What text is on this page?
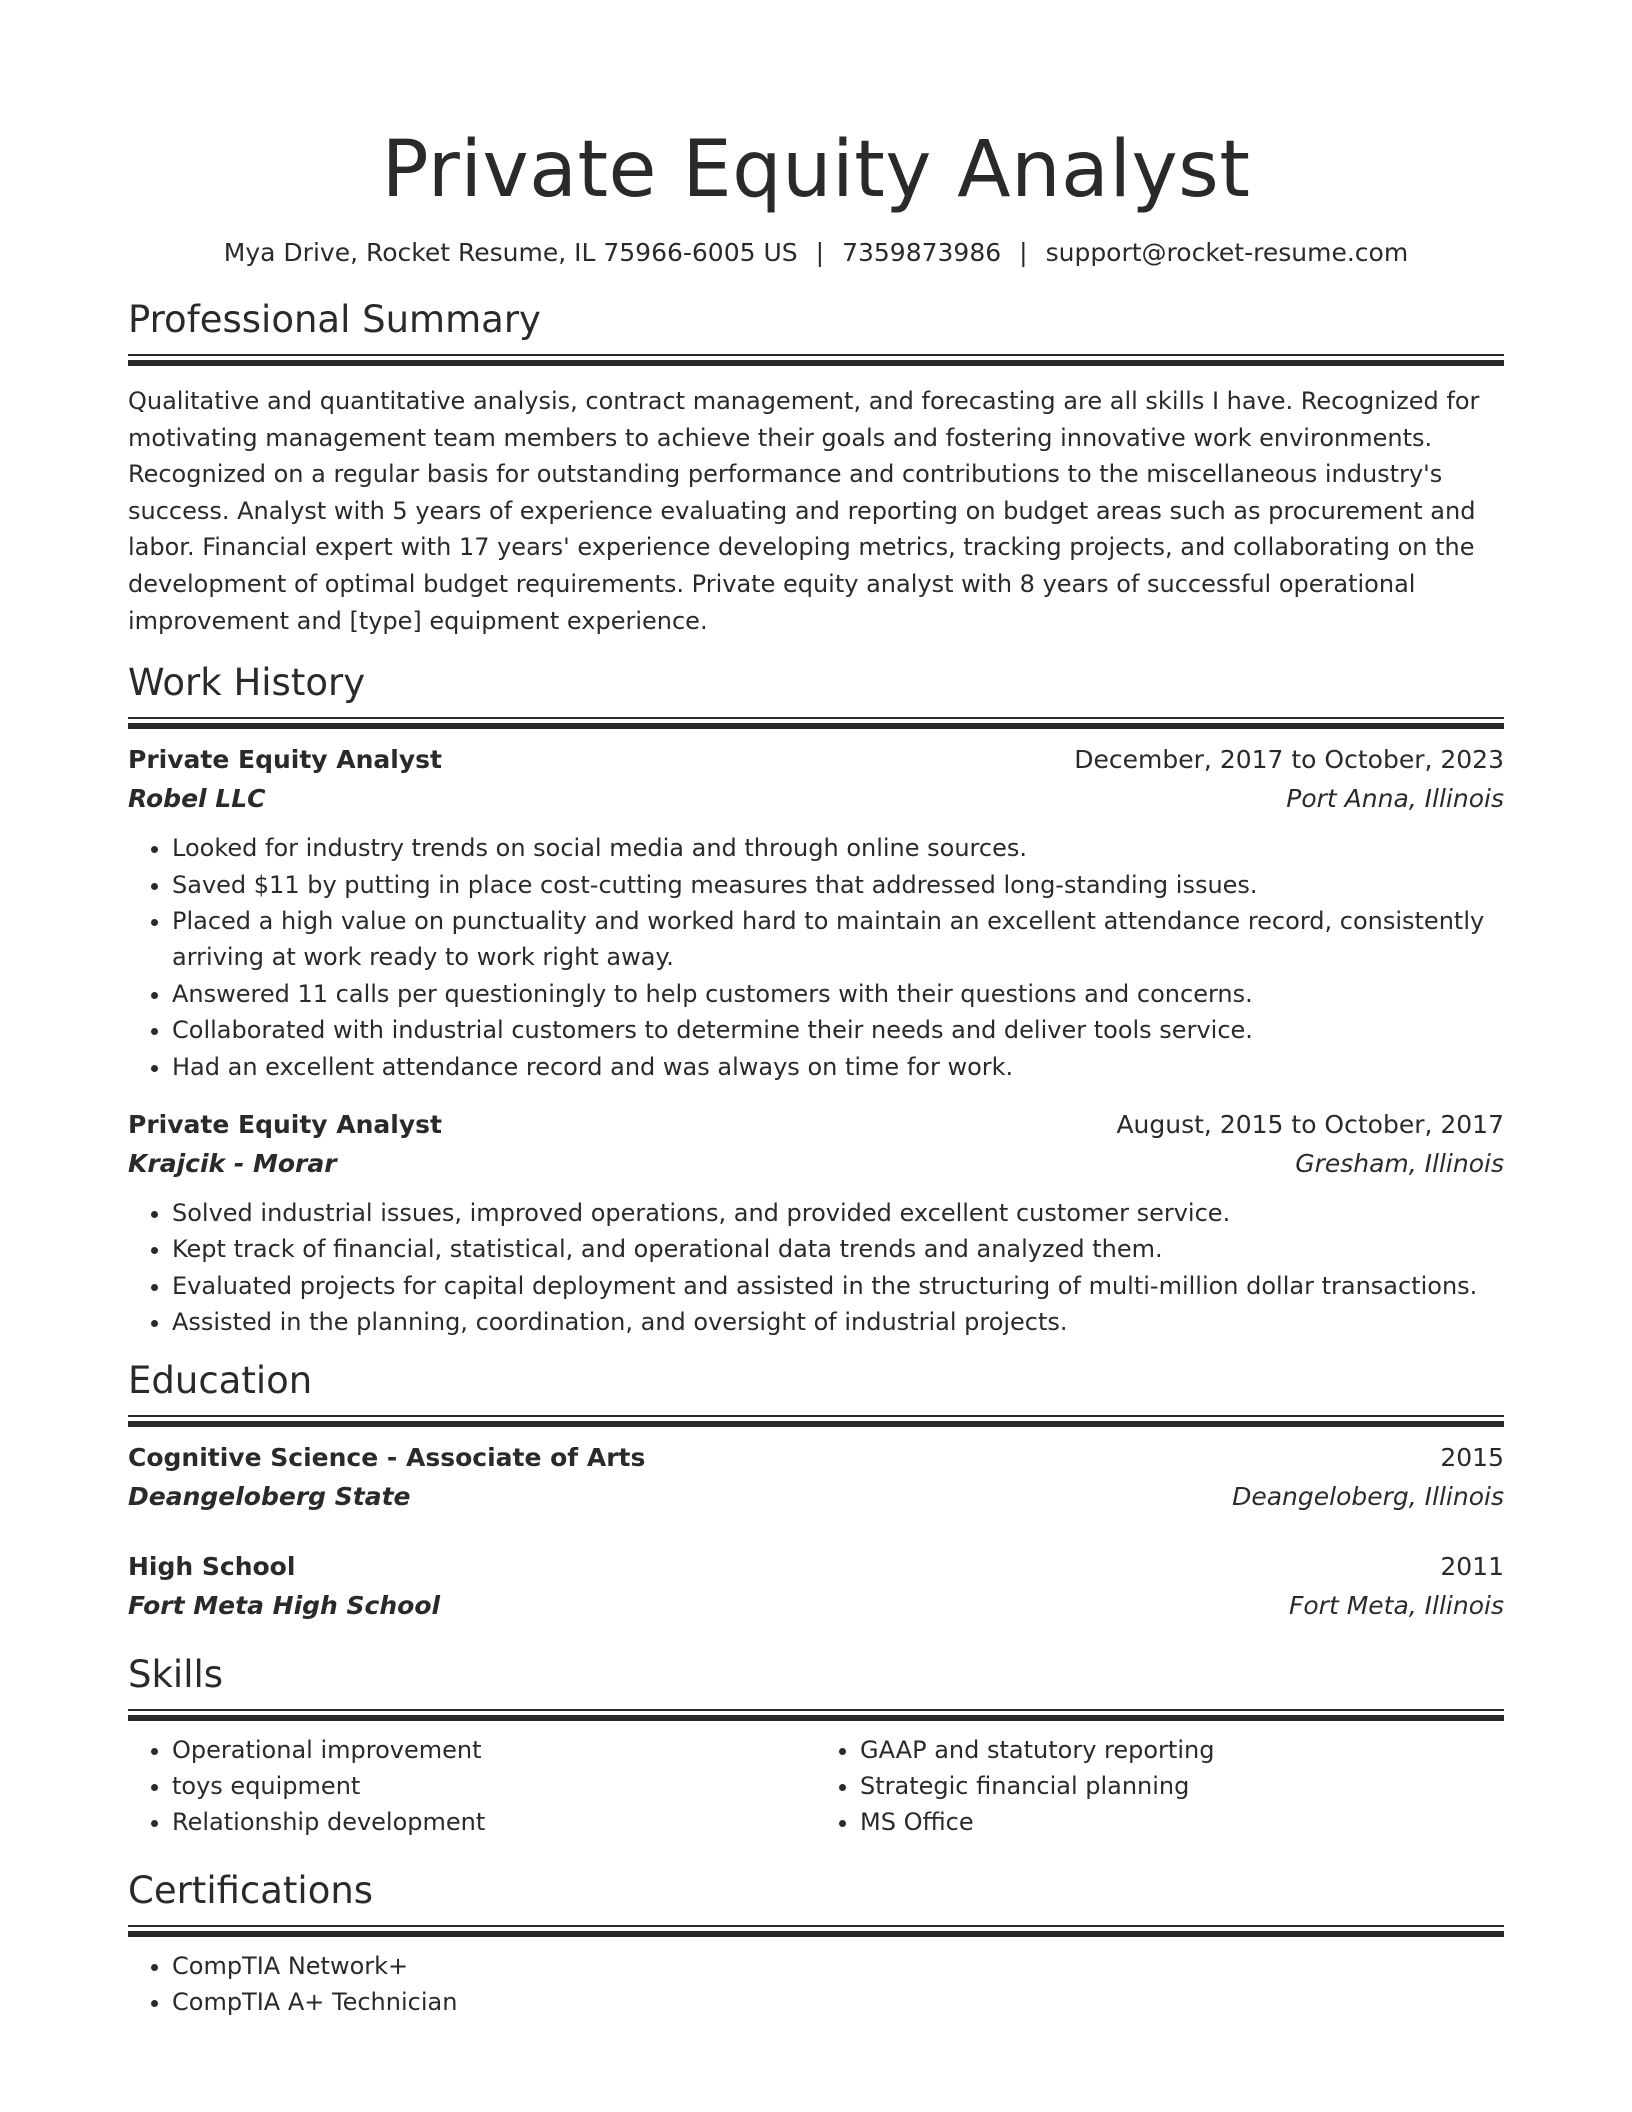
Private Equity Analyst
Mya Drive, Rocket Resume, IL 75966-6005 US | 7359873986 | support@rocket-resume.com
Professional Summary

Qualitative and quantitative analysis, contract management, and forecasting are all skills I have. Recognized for motivating management team members to achieve their goals and fostering innovative work environments. Recognized on a regular basis for outstanding performance and contributions to the miscellaneous industry's success. Analyst with 5 years of experience evaluating and reporting on budget areas such as procurement and labor. Financial expert with 17 years' experience developing metrics, tracking projects, and collaborating on the development of optimal budget requirements. Private equity analyst with 8 years of successful operational improvement and [type] equipment experience.

Work History
Private Equity Analyst	December, 2017 to October, 2023
Robel LLC	Port Anna, Illinois
• Looked for industry trends on social media and through online sources.
• Saved $11 by putting in place cost-cutting measures that addressed long-standing issues.
• Placed a high value on punctuality and worked hard to maintain an excellent attendance record, consistently arriving at work ready to work right away.
• Answered 11 calls per questioningly to help customers with their questions and concerns.
• Collaborated with industrial customers to determine their needs and deliver tools service.
• Had an excellent attendance record and was always on time for work.
Private Equity Analyst	August, 2015 to October, 2017
Krajcik - Morar	Gresham, Illinois
• Solved industrial issues, improved operations, and provided excellent customer service.
• Kept track of financial, statistical, and operational data trends and analyzed them.
• Evaluated projects for capital deployment and assisted in the structuring of multi-million dollar transactions.
• Assisted in the planning, coordination, and oversight of industrial projects.
Education
Cognitive Science - Associate of Arts	2015
Deangeloberg State	Deangeloberg, Illinois
High School	2011
Fort Meta High School	Fort Meta, Illinois
Skills
• Operational improvement
• toys equipment
• Relationship development
• GAAP and statutory reporting
• Strategic financial planning
• MS Office
Certifications
• CompTIA Network+
• CompTIA A+ Technician
